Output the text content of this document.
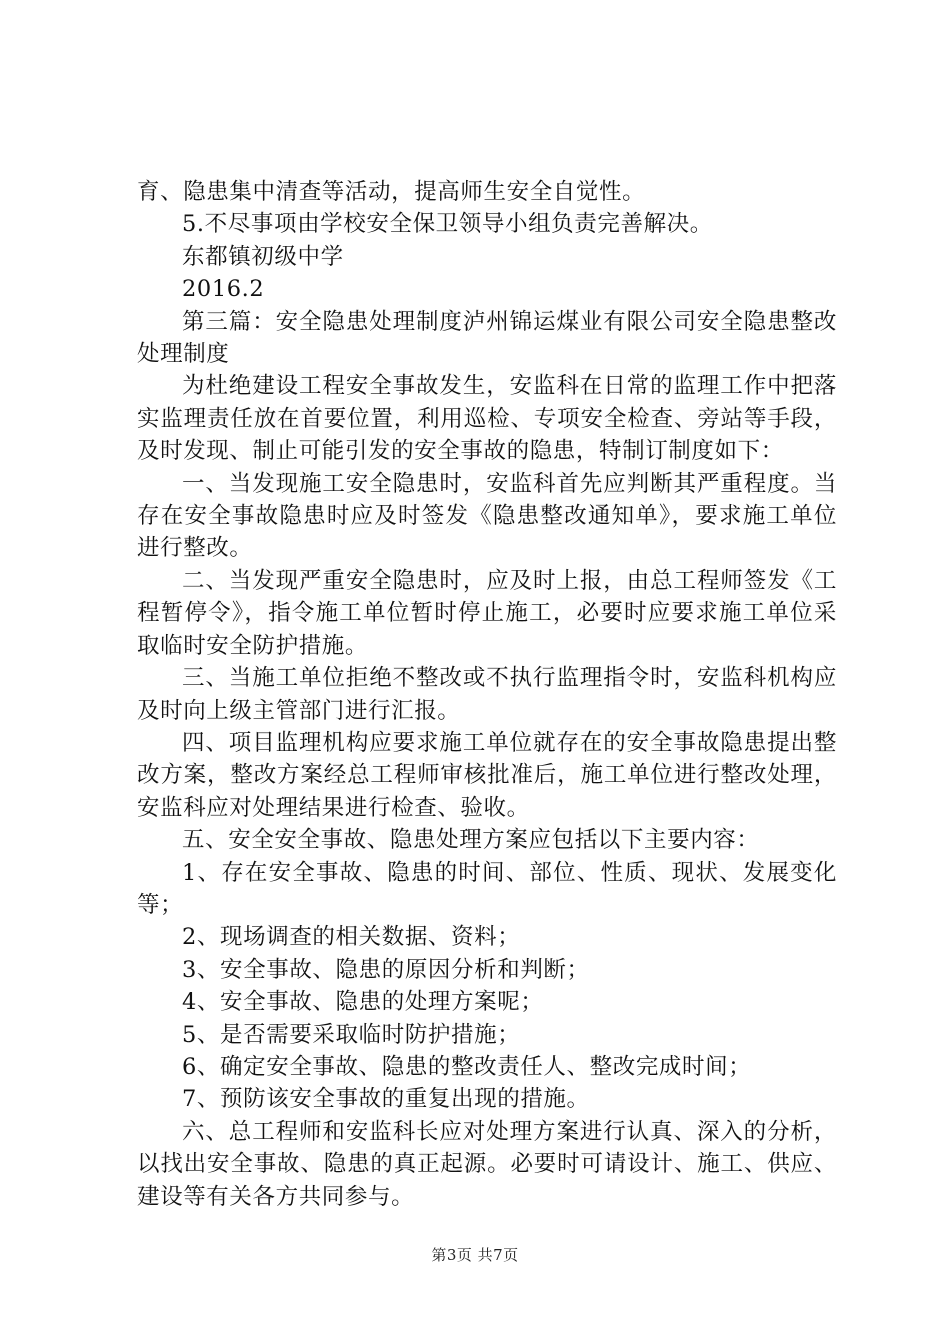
育、隐患集中清查等活动，提高师生安全自觉性。

5.不尽事项由学校安全保卫领导小组负责完善解决。

东都镇初级中学

2016.2

第三篇：安全隐患处理制度泸州锦运煤业有限公司安全隐患整改处理制度

为杜绝建设工程安全事故发生，安监科在日常的监理工作中把落实监理责任放在首要位置，利用巡检、专项安全检查、旁站等手段，及时发现、制止可能引发的安全事故的隐患，特制订制度如下：

一、当发现施工安全隐患时，安监科首先应判断其严重程度。当存在安全事故隐患时应及时签发《隐患整改通知单》，要求施工单位进行整改。

二、当发现严重安全隐患时，应及时上报，由总工程师签发《工程暂停令》，指令施工单位暂时停止施工，必要时应要求施工单位采取临时安全防护措施。

三、当施工单位拒绝不整改或不执行监理指令时，安监科机构应及时向上级主管部门进行汇报。

四、项目监理机构应要求施工单位就存在的安全事故隐患提出整改方案，整改方案经总工程师审核批准后，施工单位进行整改处理，安监科应对处理结果进行检查、验收。

五、安全安全事故、隐患处理方案应包括以下主要内容：

1、存在安全事故、隐患的时间、部位、性质、现状、发展变化等；

2、现场调查的相关数据、资料；

3、安全事故、隐患的原因分析和判断；

4、安全事故、隐患的处理方案呢；

5、是否需要采取临时防护措施；

6、确定安全事故、隐患的整改责任人、整改完成时间；

7、预防该安全事故的重复出现的措施。

六、总工程师和安监科长应对处理方案进行认真、深入的分析，以找出安全事故、隐患的真正起源。必要时可请设计、施工、供应、建设等有关各方共同参与。

第3页 共7页
